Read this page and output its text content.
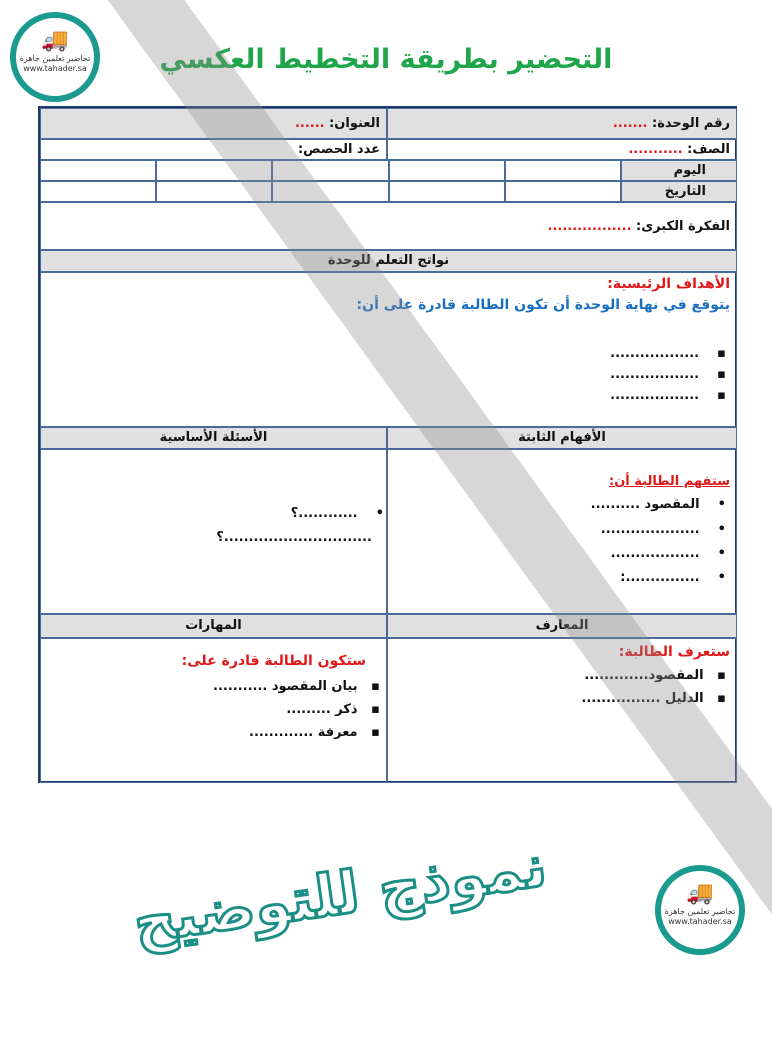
التحضير بطريقة التخطيط العكسي
رقم الوحدة: .......
العنوان: ......
الصف: ...........
عدد الحصص:
اليوم
التاريخ
الفكرة الكبرى: .................
نواتج التعلم للوحدة
الأهداف الرئيسية:
يتوقع في نهاية الوحدة أن تكون الطالبة قادرة على أن:
▪    ..................
▪    ..................
▪    ..................
الأفهام الثابتة
الأسئلة الأساسية
ستفهم الطالبة أن:
•    المقصود ..........
•    ....................
•    ..................
•    ...............:
•    ............؟
..............................؟
المعارف
المهارات
ستعرف الطالبة:
▪   المقصود.............
▪   الدليل ................
ستكون الطالبة قادرة على:
▪   بيان المقصود ...........
▪   ذكر .........
▪   معرفة .............
نموذج للتوضيح
🚚
تحاضير تعلمين جاهزة
www.tahader.sa
🚚
تحاضير تعلمين جاهزة
www.tahader.sa
